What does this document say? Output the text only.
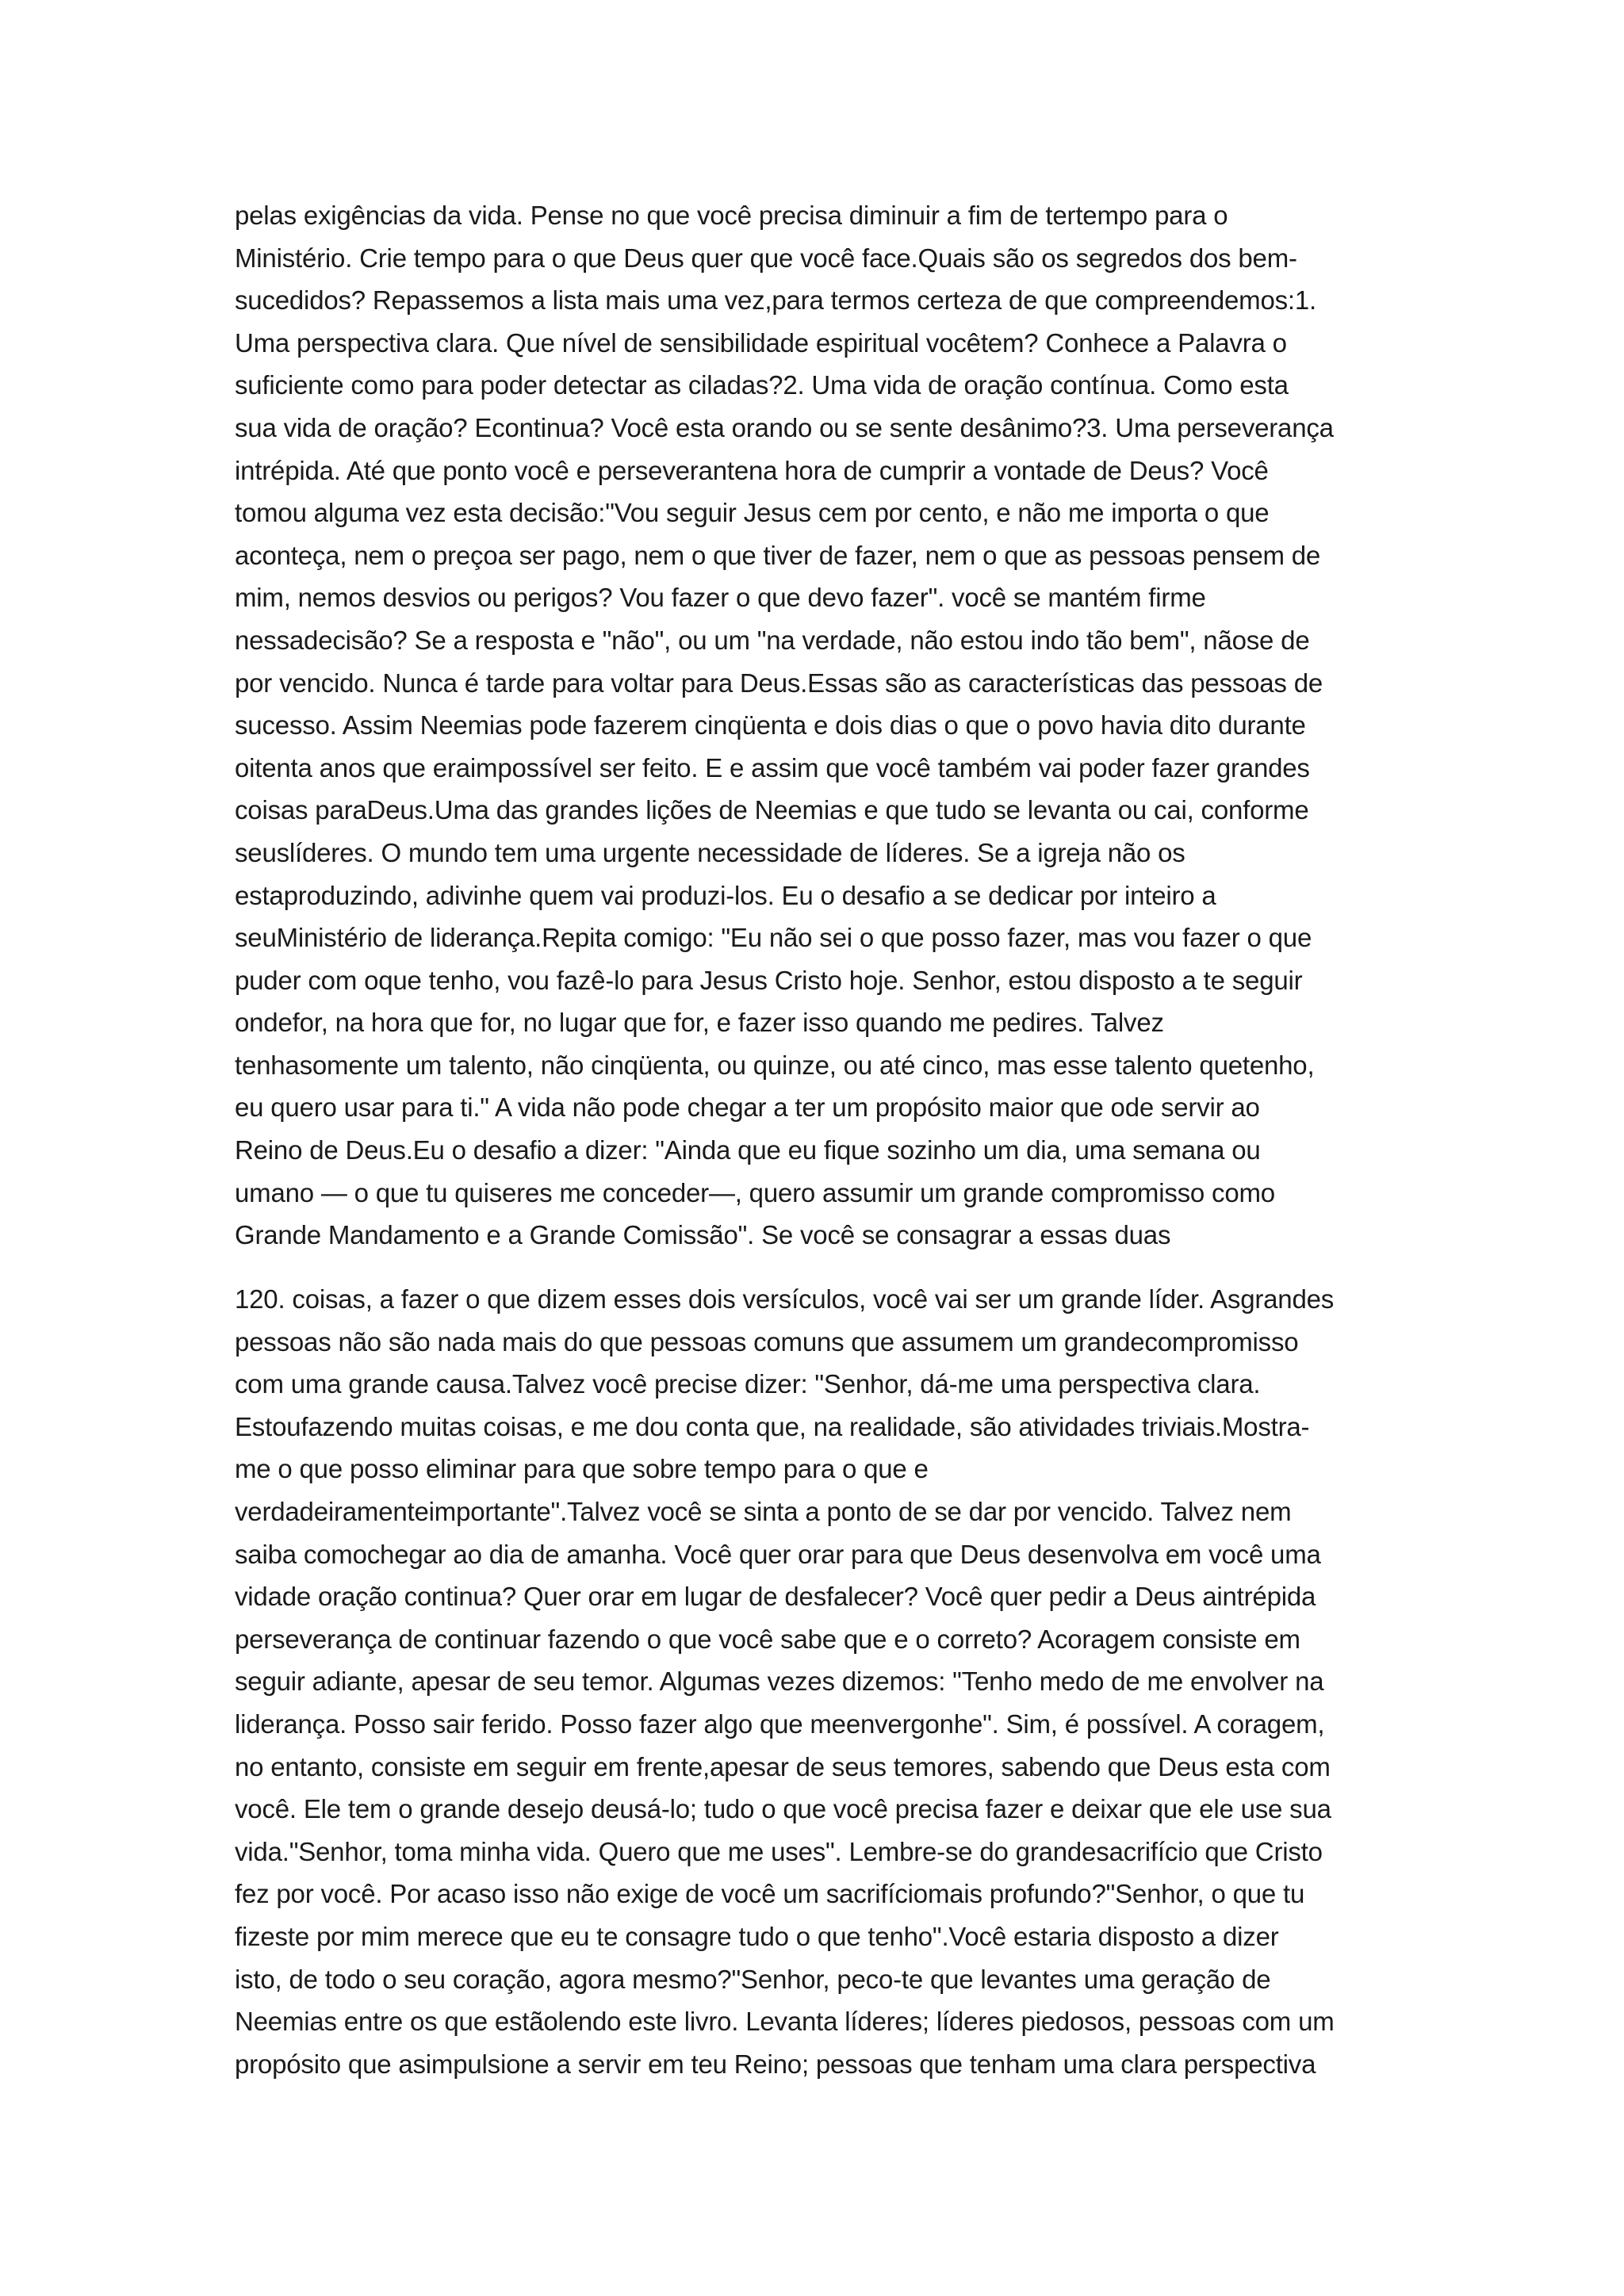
pelas exigências da vida. Pense no que você precisa diminuir a fim de tertempo para o
Ministério. Crie tempo para o que Deus quer que você face.Quais são os segredos dos bem-
sucedidos? Repassemos a lista mais uma vez,para termos certeza de que compreendemos:1.
Uma perspectiva clara. Que nível de sensibilidade espiritual vocêtem? Conhece a Palavra o
suficiente como para poder detectar as ciladas?2. Uma vida de oração contínua. Como esta
sua vida de oração? Econtinua? Você esta orando ou se sente desânimo?3. Uma perseverança
intrépida. Até que ponto você e perseverantena hora de cumprir a vontade de Deus? Você
tomou alguma vez esta decisão:"Vou seguir Jesus cem por cento, e não me importa o que
aconteça, nem o preçoa ser pago, nem o que tiver de fazer, nem o que as pessoas pensem de
mim, nemos desvios ou perigos? Vou fazer o que devo fazer". você se mantém firme
nessadecisão? Se a resposta e "não", ou um "na verdade, não estou indo tão bem", nãose de
por vencido. Nunca é tarde para voltar para Deus.Essas são as características das pessoas de
sucesso. Assim Neemias pode fazerem cinqüenta e dois dias o que o povo havia dito durante
oitenta anos que eraimpossível ser feito. E e assim que você também vai poder fazer grandes
coisas paraDeus.Uma das grandes lições de Neemias e que tudo se levanta ou cai, conforme
seuslíderes. O mundo tem uma urgente necessidade de líderes. Se a igreja não os
estaproduzindo, adivinhe quem vai produzi-los. Eu o desafio a se dedicar por inteiro a
seuMinistério de liderança.Repita comigo: "Eu não sei o que posso fazer, mas vou fazer o que
puder com oque tenho, vou fazê-lo para Jesus Cristo hoje. Senhor, estou disposto a te seguir
ondefor, na hora que for, no lugar que for, e fazer isso quando me pedires. Talvez
tenhasomente um talento, não cinqüenta, ou quinze, ou até cinco, mas esse talento quetenho,
eu quero usar para ti." A vida não pode chegar a ter um propósito maior que ode servir ao
Reino de Deus.Eu o desafio a dizer: "Ainda que eu fique sozinho um dia, uma semana ou
umano — o que tu quiseres me conceder—, quero assumir um grande compromisso como
Grande Mandamento e a Grande Comissão". Se você se consagrar a essas duas
120. coisas, a fazer o que dizem esses dois versículos, você vai ser um grande líder. Asgrandes
pessoas não são nada mais do que pessoas comuns que assumem um grandecompromisso
com uma grande causa.Talvez você precise dizer: "Senhor, dá-me uma perspectiva clara.
Estoufazendo muitas coisas, e me dou conta que, na realidade, são atividades triviais.Mostra-
me o que posso eliminar para que sobre tempo para o que e
verdadeiramenteimportante".Talvez você se sinta a ponto de se dar por vencido. Talvez nem
saiba comochegar ao dia de amanha. Você quer orar para que Deus desenvolva em você uma
vidade oração continua? Quer orar em lugar de desfalecer? Você quer pedir a Deus aintrépida
perseverança de continuar fazendo o que você sabe que e o correto? Acoragem consiste em
seguir adiante, apesar de seu temor. Algumas vezes dizemos: "Tenho medo de me envolver na
liderança. Posso sair ferido. Posso fazer algo que meenvergonhe". Sim, é possível. A coragem,
no entanto, consiste em seguir em frente,apesar de seus temores, sabendo que Deus esta com
você. Ele tem o grande desejo deusá-lo; tudo o que você precisa fazer e deixar que ele use sua
vida."Senhor, toma minha vida. Quero que me uses". Lembre-se do grandesacrifício que Cristo
fez por você. Por acaso isso não exige de você um sacrifíciomais profundo?"Senhor, o que tu
fizeste por mim merece que eu te consagre tudo o que tenho".Você estaria disposto a dizer
isto, de todo o seu coração, agora mesmo?"Senhor, peco-te que levantes uma geração de
Neemias entre os que estãolendo este livro. Levanta líderes; líderes piedosos, pessoas com um
propósito que asimpulsione a servir em teu Reino; pessoas que tenham uma clara perspectiva
